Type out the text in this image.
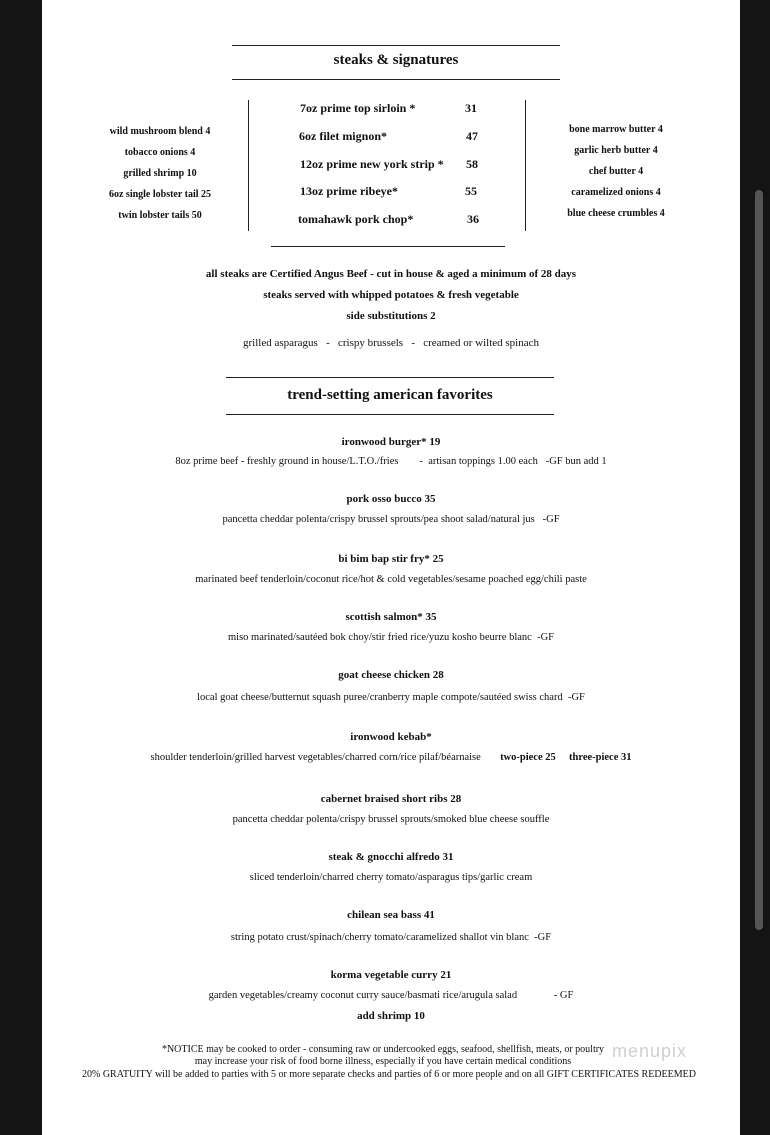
steaks & signatures
wild mushroom blend 4
tobacco onions 4
grilled shrimp 10
6oz single lobster tail 25
twin lobster tails 50
7oz prime top sirloin *	31
6oz filet mignon*	47
12oz prime new york strip * 58
13oz prime ribeye*	55
tomahawk pork chop*	36
bone marrow butter 4
garlic herb butter 4
chef butter 4
caramelized onions 4
blue cheese crumbles 4
all steaks are Certified Angus Beef - cut in house & aged a minimum of 28 days
steaks served with whipped potatoes & fresh vegetable
side substitutions 2
grilled asparagus   -   crispy brussels   -   creamed or wilted spinach
trend-setting american favorites
ironwood burger* 19
8oz prime beef - freshly ground in house/L.T.O./fries        -  artisan toppings 1.00 each   -GF bun add 1
pork osso bucco 35
pancetta cheddar polenta/crispy brussel sprouts/pea shoot salad/natural jus   -GF
bi bim bap stir fry* 25
marinated beef tenderloin/coconut rice/hot & cold vegetables/sesame poached egg/chili paste
scottish salmon* 35
miso marinated/sautéed bok choy/stir fried rice/yuzu kosho beurre blanc  -GF
goat cheese chicken 28
local goat cheese/butternut squash puree/cranberry maple compote/sautéed swiss chard  -GF
ironwood kebab*
shoulder tenderloin/grilled harvest vegetables/charred corn/rice pilaf/béarnaise two-piece 25 three-piece 31
cabernet braised short ribs 28
pancetta cheddar polenta/crispy brussel sprouts/smoked blue cheese souffle
steak & gnocchi alfredo 31
sliced tenderloin/charred cherry tomato/asparagus tips/garlic cream
chilean sea bass 41
string potato crust/spinach/cherry tomato/caramelized shallot vin blanc  -GF
korma vegetable curry 21
garden vegetables/creamy coconut curry sauce/basmati rice/arugula salad              - GF
add shrimp 10
*NOTICE may be cooked to order - consuming raw or undercooked eggs, seafood, shellfish, meats, or poultry
may increase your risk of food borne illness, especially if you have certain medical conditions
20% GRATUITY will be added to parties with 5 or more separate checks and parties of 6 or more people and on all GIFT CERTIFICATES REDEEMED
menupix
